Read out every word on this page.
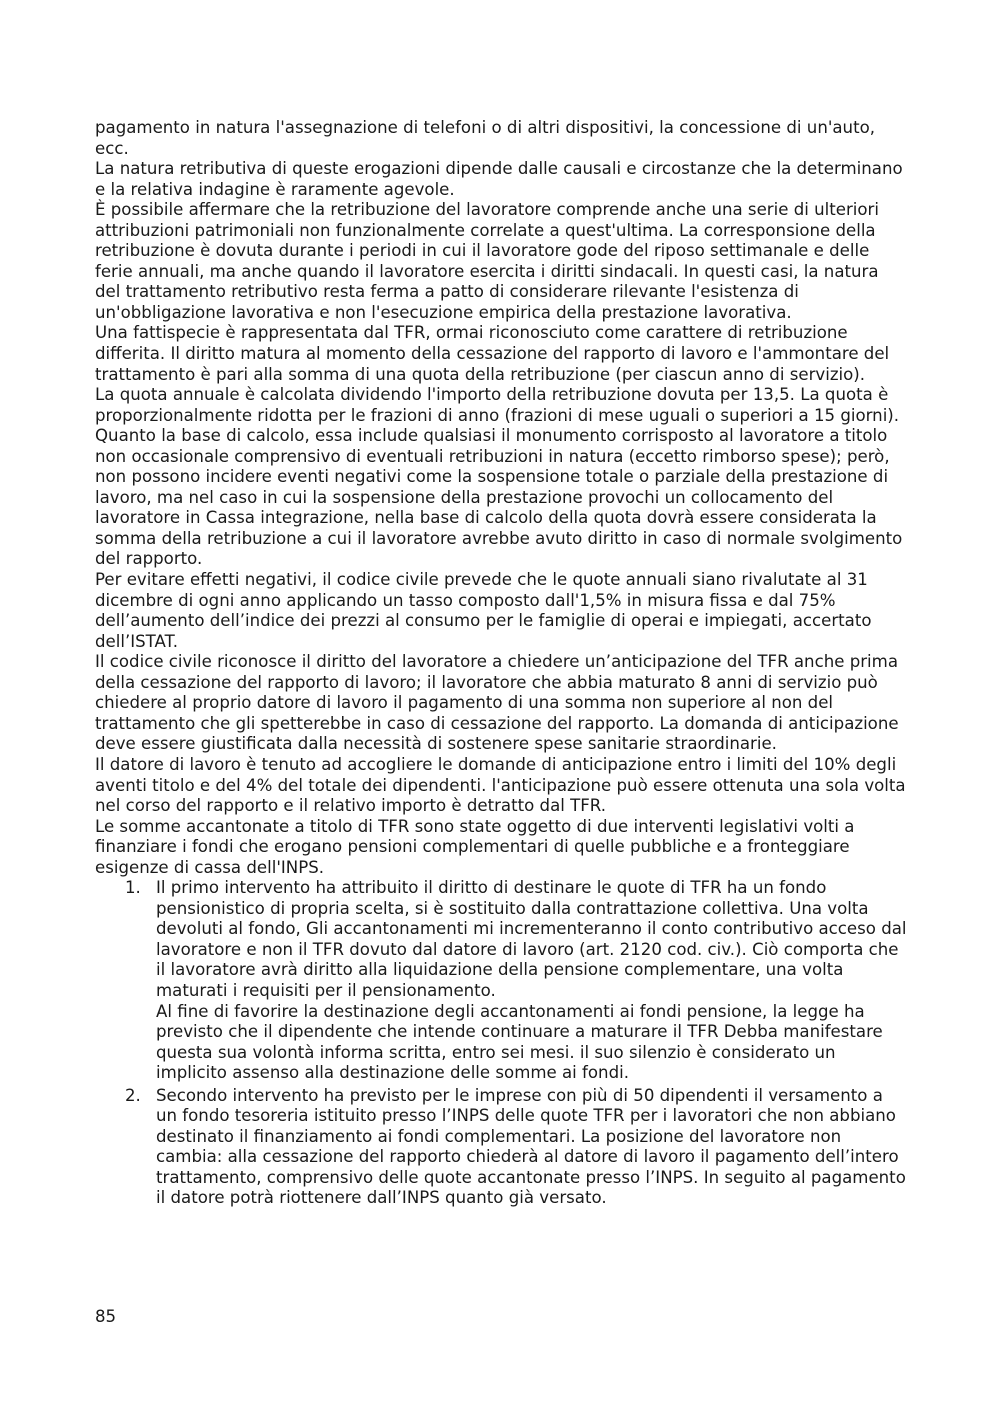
pagamento in natura l'assegnazione di telefoni o di altri dispositivi, la concessione di un'auto, ecc.

La natura retributiva di queste erogazioni dipende dalle causali e circostanze che la determinano e la relativa indagine è raramente agevole.

È possibile affermare che la retribuzione del lavoratore comprende anche una serie di ulteriori attribuzioni patrimoniali non funzionalmente correlate a quest'ultima. La corresponsione della retribuzione è dovuta durante i periodi in cui il lavoratore gode del riposo settimanale e delle ferie annuali, ma anche quando il lavoratore esercita i diritti sindacali. In questi casi, la natura del trattamento retributivo resta ferma a patto di considerare rilevante l'esistenza di un'obbligazione lavorativa e non l'esecuzione empirica della prestazione lavorativa.

Una fattispecie è rappresentata dal TFR, ormai riconosciuto come carattere di retribuzione differita. Il diritto matura al momento della cessazione del rapporto di lavoro e l'ammontare del trattamento è pari alla somma di una quota della retribuzione (per ciascun anno di servizio).

La quota annuale è calcolata dividendo l'importo della retribuzione dovuta per 13,5. La quota è proporzionalmente ridotta per le frazioni di anno (frazioni di mese uguali o superiori a 15 giorni). Quanto la base di calcolo, essa include qualsiasi il monumento corrisposto al lavoratore a titolo non occasionale comprensivo di eventuali retribuzioni in natura (eccetto rimborso spese); però, non possono incidere eventi negativi come la sospensione totale o parziale della prestazione di lavoro, ma nel caso in cui la sospensione della prestazione provochi un collocamento del lavoratore in Cassa integrazione, nella base di calcolo della quota dovrà essere considerata la somma della retribuzione a cui il lavoratore avrebbe avuto diritto in caso di normale svolgimento del rapporto.

Per evitare effetti negativi, il codice civile prevede che le quote annuali siano rivalutate al 31 dicembre di ogni anno applicando un tasso composto dall'1,5% in misura fissa e dal 75% dell’aumento dell’indice dei prezzi al consumo per le famiglie di operai e impiegati, accertato dell’ISTAT.

Il codice civile riconosce il diritto del lavoratore a chiedere un’anticipazione del TFR anche prima della cessazione del rapporto di lavoro; il lavoratore che abbia maturato 8 anni di servizio può chiedere al proprio datore di lavoro il pagamento di una somma non superiore al non del trattamento che gli spetterebbe in caso di cessazione del rapporto. La domanda di anticipazione deve essere giustificata dalla necessità di sostenere spese sanitarie straordinarie.

Il datore di lavoro è tenuto ad accogliere le domande di anticipazione entro i limiti del 10% degli aventi titolo e del 4% del totale dei dipendenti. l'anticipazione può essere ottenuta una sola volta nel corso del rapporto e il relativo importo è detratto dal TFR.

Le somme accantonate a titolo di TFR sono state oggetto di due interventi legislativi volti a finanziare i fondi che erogano pensioni complementari di quelle pubbliche e a fronteggiare esigenze di cassa dell'INPS.

1. Il primo intervento ha attribuito il diritto di destinare le quote di TFR ha un fondo pensionistico di propria scelta, si è sostituito dalla contrattazione collettiva. Una volta devoluti al fondo, Gli accantonamenti mi incrementeranno il conto contributivo acceso dal lavoratore e non il TFR dovuto dal datore di lavoro (art. 2120 cod. civ.). Ciò comporta che il lavoratore avrà diritto alla liquidazione della pensione complementare, una volta maturati i requisiti per il pensionamento.

Al fine di favorire la destinazione degli accantonamenti ai fondi pensione, la legge ha previsto che il dipendente che intende continuare a maturare il TFR Debba manifestare questa sua volontà informa scritta, entro sei mesi. il suo silenzio è considerato un implicito assenso alla destinazione delle somme ai fondi.

2. Secondo intervento ha previsto per le imprese con più di 50 dipendenti il versamento a un fondo tesoreria istituito presso l’INPS delle quote TFR per i lavoratori che non abbiano destinato il finanziamento ai fondi complementari. La posizione del lavoratore non cambia: alla cessazione del rapporto chiederà al datore di lavoro il pagamento dell’intero trattamento, comprensivo delle quote accantonate presso l’INPS. In seguito al pagamento il datore potrà riottenere dall’INPS quanto già versato.

85
